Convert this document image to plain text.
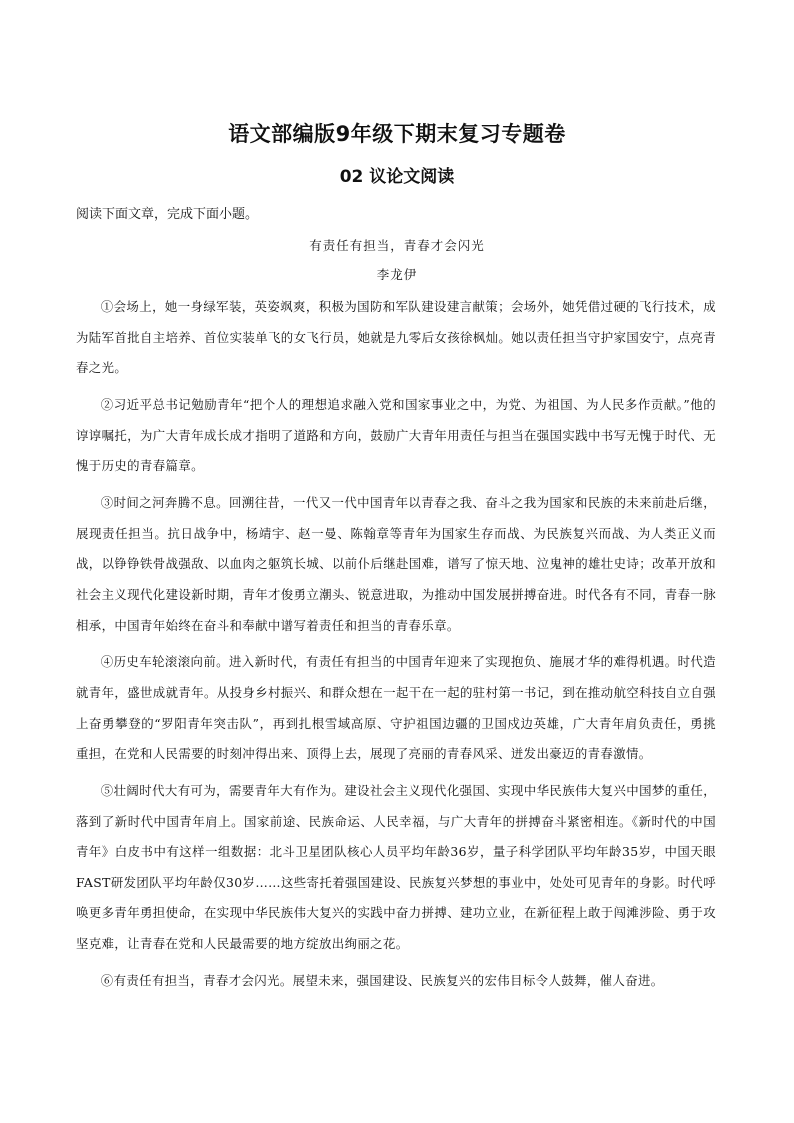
语文部编版9年级下期末复习专题卷
02 议论文阅读
阅读下面文章，完成下面小题。
有责任有担当，青春才会闪光
李龙伊

①会场上，她一身绿军装，英姿飒爽，积极为国防和军队建设建言献策；会场外，她凭借过硬的飞行技术，成为陆军首批自主培养、首位实装单飞的女飞行员，她就是九零后女孩徐枫灿。她以责任担当守护家国安宁，点亮青春之光。

②习近平总书记勉励青年“把个人的理想追求融入党和国家事业之中，为党、为祖国、为人民多作贡献。”他的谆谆嘱托，为广大青年成长成才指明了道路和方向，鼓励广大青年用责任与担当在强国实践中书写无愧于时代、无愧于历史的青春篇章。

③时间之河奔腾不息。回溯往昔，一代又一代中国青年以青春之我、奋斗之我为国家和民族的未来前赴后继，展现责任担当。抗日战争中，杨靖宇、赵一曼、陈翰章等青年为国家生存而战、为民族复兴而战、为人类正义而战，以铮铮铁骨战强敌、以血肉之躯筑长城、以前仆后继赴国难，谱写了惊天地、泣鬼神的雄壮史诗；改革开放和社会主义现代化建设新时期，青年才俊勇立潮头、锐意进取，为推动中国发展拼搏奋进。时代各有不同，青春一脉相承，中国青年始终在奋斗和奉献中谱写着责任和担当的青春乐章。

④历史车轮滚滚向前。进入新时代，有责任有担当的中国青年迎来了实现抱负、施展才华的难得机遇。时代造就青年，盛世成就青年。从投身乡村振兴、和群众想在一起干在一起的驻村第一书记，到在推动航空科技自立自强上奋勇攀登的“罗阳青年突击队”，再到扎根雪域高原、守护祖国边疆的卫国戍边英雄，广大青年肩负责任，勇挑重担，在党和人民需要的时刻冲得出来、顶得上去，展现了亮丽的青春风采、迸发出豪迈的青春激情。

⑤壮阔时代大有可为，需要青年大有作为。建设社会主义现代化强国、实现中华民族伟大复兴中国梦的重任，落到了新时代中国青年肩上。国家前途、民族命运、人民幸福，与广大青年的拼搏奋斗紧密相连。《新时代的中国青年》白皮书中有这样一组数据：北斗卫星团队核心人员平均年龄36岁，量子科学团队平均年龄35岁，中国天眼FAST研发团队平均年龄仅30岁……这些寄托着强国建设、民族复兴梦想的事业中，处处可见青年的身影。时代呼唤更多青年勇担使命，在实现中华民族伟大复兴的实践中奋力拼搏、建功立业，在新征程上敢于闯滩涉险、勇于攻坚克难，让青春在党和人民最需要的地方绽放出绚丽之花。

⑥有责任有担当，青春才会闪光。展望未来，强国建设、民族复兴的宏伟目标令人鼓舞，催人奋进。
